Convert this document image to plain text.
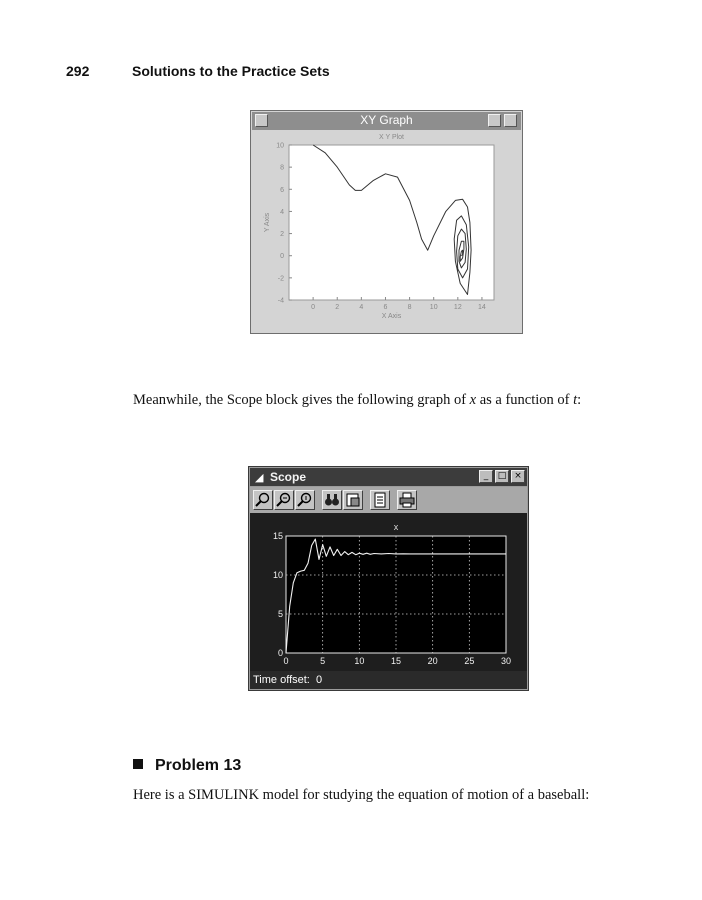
292	Solutions to the Practice Sets
XY Graph
X Y Plot
0	2	4	6	8	10 12 14
10
8
6
4
2
0
-2
-4
X Axis
Y Axis
Meanwhile, the Scope block gives the following graph of x as a function of t:
◢ Scope	_	□ ×
x
0	5	10	15	20	25	30
15
10
5
0
Time offset: 0
Problem 13
Here is a SIMULINK model for studying the equation of motion of a baseball:
